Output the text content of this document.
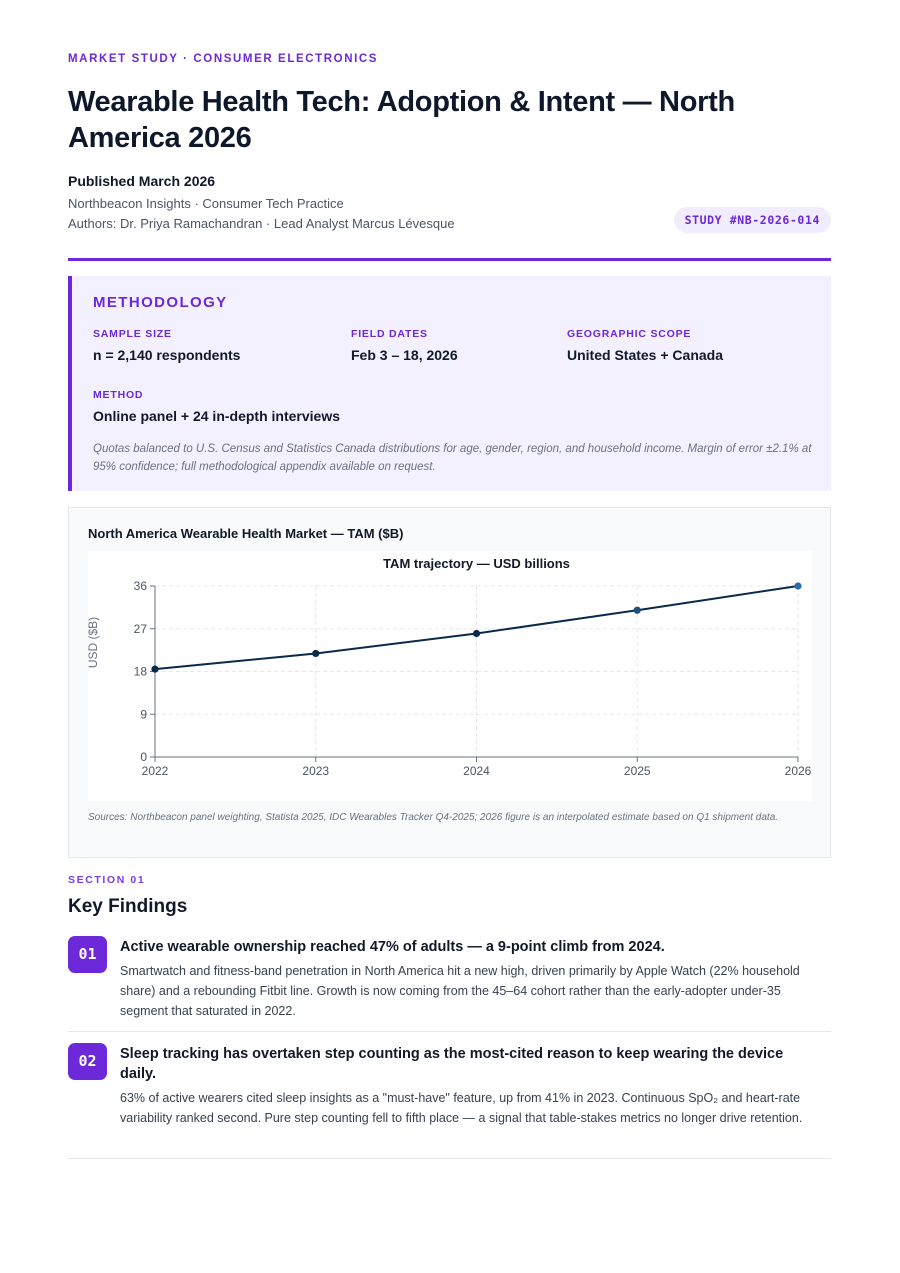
MARKET STUDY · CONSUMER ELECTRONICS
Wearable Health Tech: Adoption & Intent — North America 2026
Published March 2026
Northbeacon Insights · Consumer Tech Practice
Authors: Dr. Priya Ramachandran · Lead Analyst Marcus Lévesque	STUDY #NB-2026-014
METHODOLOGY
SAMPLE SIZE
n = 2,140 respondents
FIELD DATES
Feb 3 – 18, 2026
GEOGRAPHIC SCOPE
United States + Canada
METHOD
Online panel + 24 in-depth interviews
Quotas balanced to U.S. Census and Statistics Canada distributions for age, gender, region, and household income. Margin of error ±2.1% at 95% confidence; full methodological appendix available on request.
North America Wearable Health Market — TAM ($B)
TAM trajectory — USD billions
0
9
18
27
36
2022	2023	2024	2025	2026
USD ($B)
Sources: Northbeacon panel weighting, Statista 2025, IDC Wearables Tracker Q4-2025; 2026 figure is an interpolated estimate based on Q1 shipment data.
SECTION 01
Key Findings
01	Active wearable ownership reached 47% of adults — a 9-point climb from 2024.
Smartwatch and fitness-band penetration in North America hit a new high, driven primarily by Apple Watch (22% household share) and a rebounding Fitbit line. Growth is now coming from the 45–64 cohort rather than the early-adopter under-35 segment that saturated in 2022.
02	Sleep tracking has overtaken step counting as the most-cited reason to keep wearing the device daily.
63% of active wearers cited sleep insights as a "must-have" feature, up from 41% in 2023. Continuous SpO₂ and heart-rate variability ranked second. Pure step counting fell to fifth place — a signal that table-stakes metrics no longer drive retention.
